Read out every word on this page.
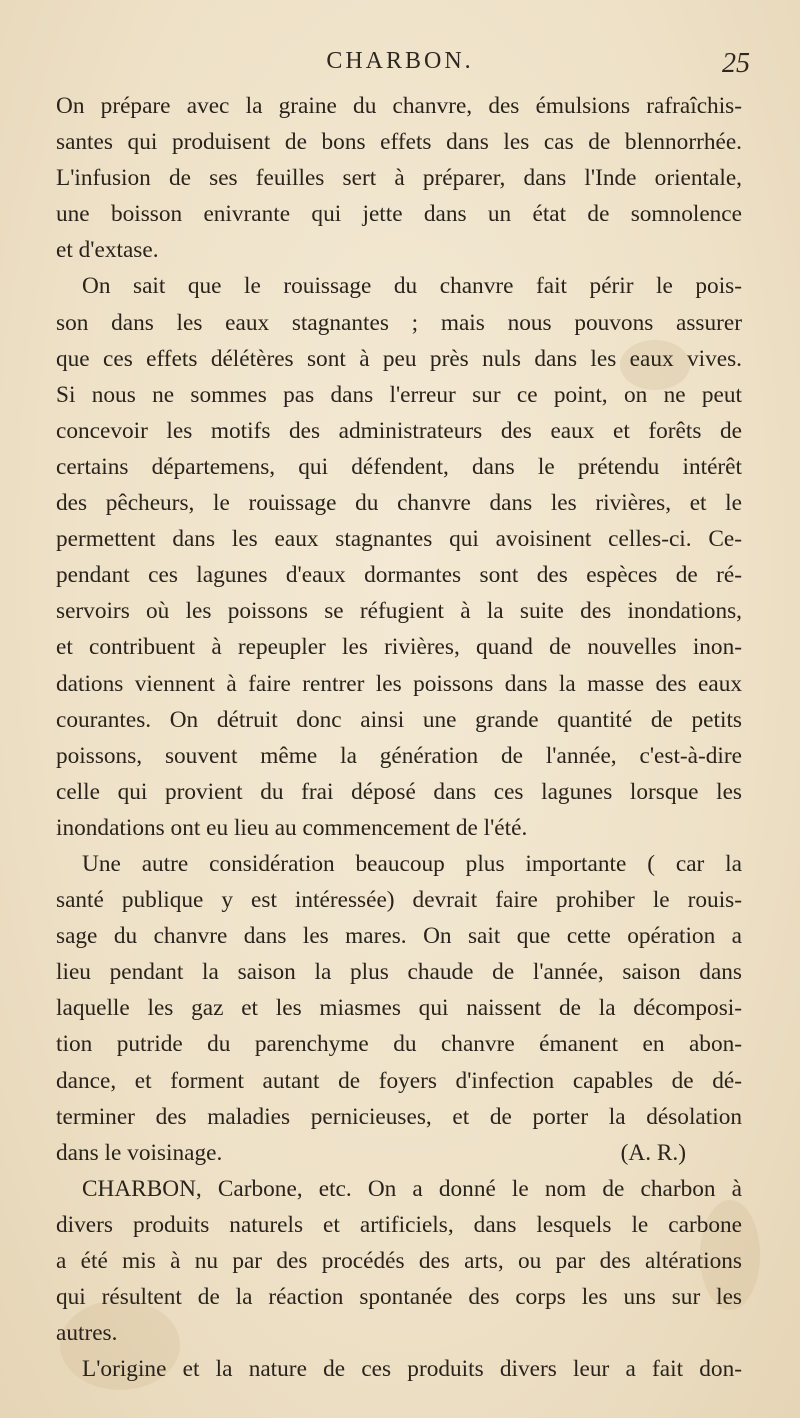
CHARBON.	25
On prépare avec la graine du chanvre, des émulsions rafraîchis-
santes qui produisent de bons effets dans les cas de blennorrhée.
L'infusion de ses feuilles sert à préparer, dans l'Inde orientale,
une boisson enivrante qui jette dans un état de somnolence
et d'extase.
On sait que le rouissage du chanvre fait périr le pois-
son dans les eaux stagnantes ; mais nous pouvons assurer
que ces effets délétères sont à peu près nuls dans les eaux vives.
Si nous ne sommes pas dans l'erreur sur ce point, on ne peut
concevoir les motifs des administrateurs des eaux et forêts de
certains départemens, qui défendent, dans le prétendu intérêt
des pêcheurs, le rouissage du chanvre dans les rivières, et le
permettent dans les eaux stagnantes qui avoisinent celles-ci. Ce-
pendant ces lagunes d'eaux dormantes sont des espèces de ré-
servoirs où les poissons se réfugient à la suite des inondations,
et contribuent à repeupler les rivières, quand de nouvelles inon-
dations viennent à faire rentrer les poissons dans la masse des eaux
courantes. On détruit donc ainsi une grande quantité de petits
poissons, souvent même la génération de l'année, c'est-à-dire
celle qui provient du frai déposé dans ces lagunes lorsque les
inondations ont eu lieu au commencement de l'été.
Une autre considération beaucoup plus importante ( car la
santé publique y est intéressée) devrait faire prohiber le rouis-
sage du chanvre dans les mares. On sait que cette opération a
lieu pendant la saison la plus chaude de l'année, saison dans
laquelle les gaz et les miasmes qui naissent de la décomposi-
tion putride du parenchyme du chanvre émanent en abon-
dance, et forment autant de foyers d'infection capables de dé-
terminer des maladies pernicieuses, et de porter la désolation
dans le voisinage.	(A. R.)
CHARBON, Carbone, etc. On a donné le nom de charbon à
divers produits naturels et artificiels, dans lesquels le carbone
a été mis à nu par des procédés des arts, ou par des altérations
qui résultent de la réaction spontanée des corps les uns sur les
autres.
L'origine et la nature de ces produits divers leur a fait don-
